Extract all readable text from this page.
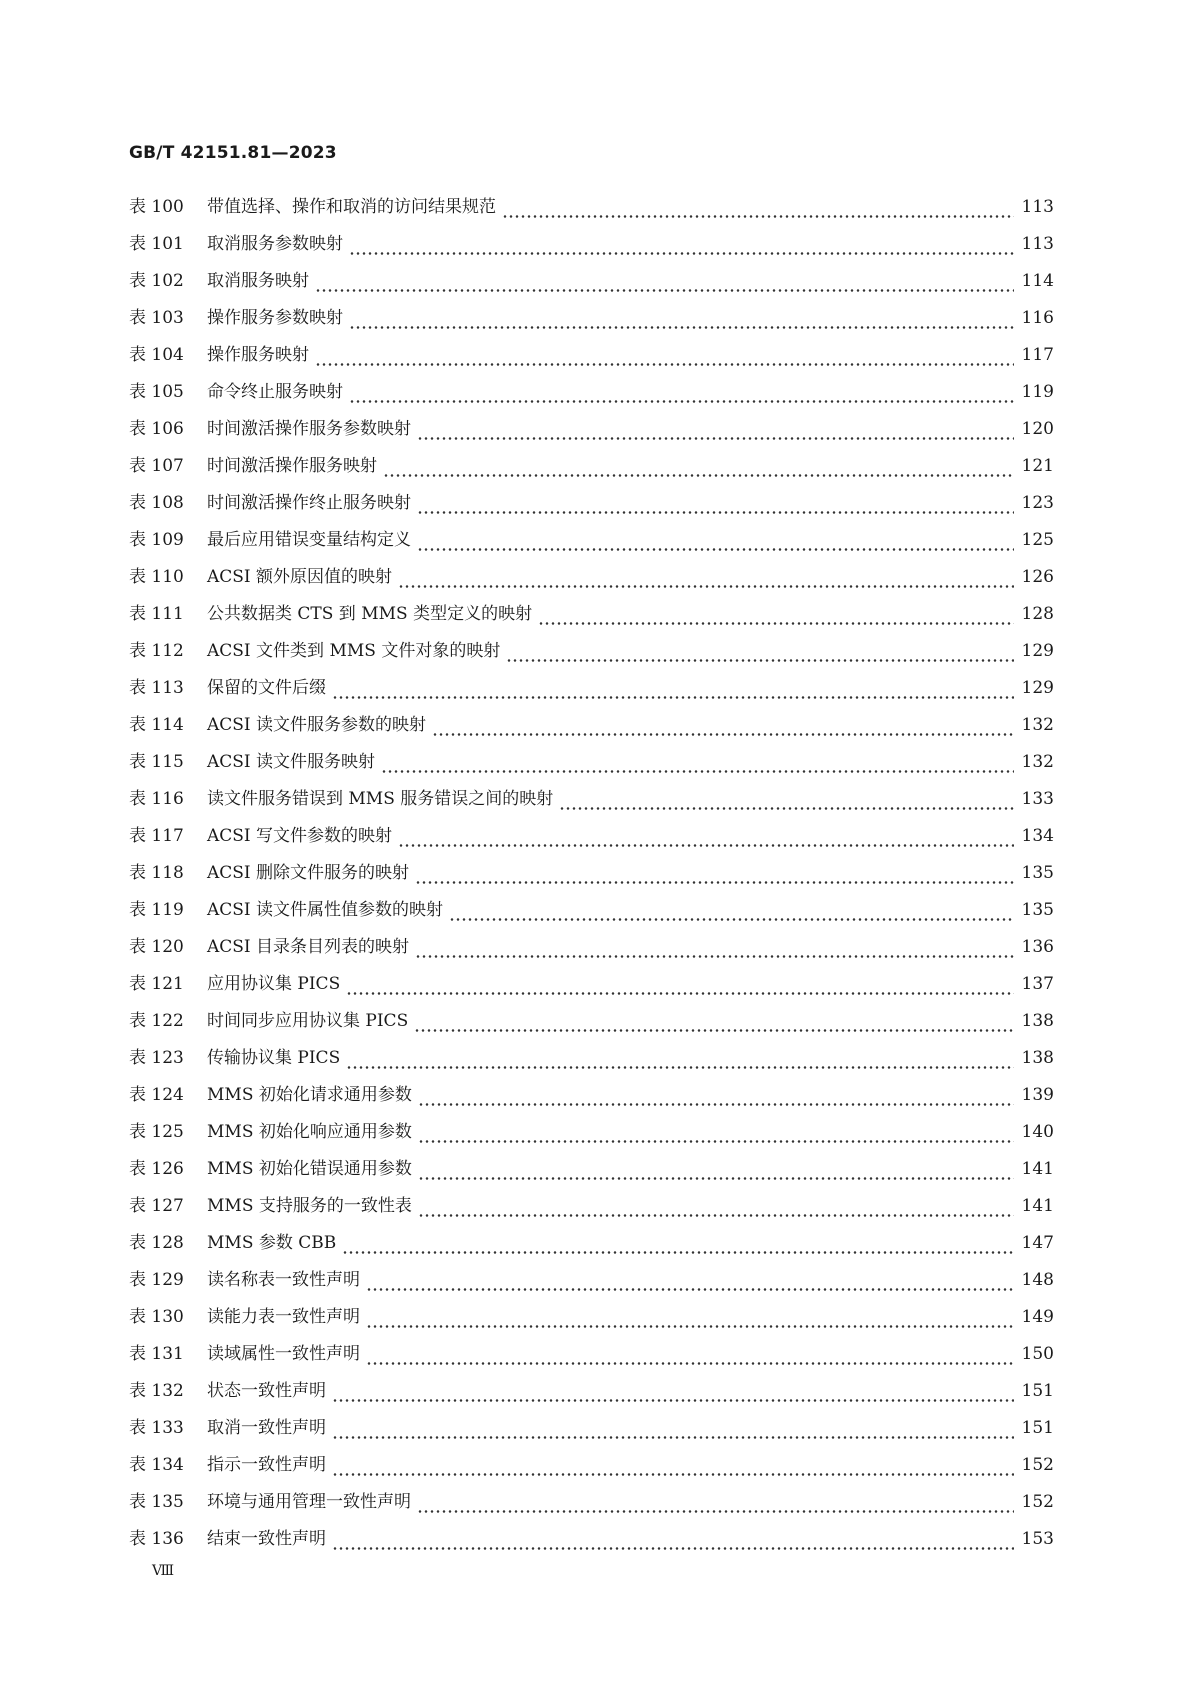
GB/T 42151.81—2023
表 100	带值选择、操作和取消的访问结果规范	113
表 101	取消服务参数映射	113
表 102	取消服务映射	114
表 103	操作服务参数映射	116
表 104	操作服务映射	117
表 105	命令终止服务映射	119
表 106	时间激活操作服务参数映射	120
表 107	时间激活操作服务映射	121
表 108	时间激活操作终止服务映射	123
表 109	最后应用错误变量结构定义	125
表 110	ACSI 额外原因值的映射	126
表 111	公共数据类 CTS 到 MMS 类型定义的映射	128
表 112	ACSI 文件类到 MMS 文件对象的映射	129
表 113	保留的文件后缀	129
表 114	ACSI 读文件服务参数的映射	132
表 115	ACSI 读文件服务映射	132
表 116	读文件服务错误到 MMS 服务错误之间的映射	133
表 117	ACSI 写文件参数的映射	134
表 118	ACSI 删除文件服务的映射	135
表 119	ACSI 读文件属性值参数的映射	135
表 120	ACSI 目录条目列表的映射	136
表 121	应用协议集 PICS	137
表 122	时间同步应用协议集 PICS	138
表 123	传输协议集 PICS	138
表 124	MMS 初始化请求通用参数	139
表 125	MMS 初始化响应通用参数	140
表 126	MMS 初始化错误通用参数	141
表 127	MMS 支持服务的一致性表	141
表 128	MMS 参数 CBB	147
表 129	读名称表一致性声明	148
表 130	读能力表一致性声明	149
表 131	读域属性一致性声明	150
表 132	状态一致性声明	151
表 133	取消一致性声明	151
表 134	指示一致性声明	152
表 135	环境与通用管理一致性声明	152
表 136	结束一致性声明	153
Ⅷ
